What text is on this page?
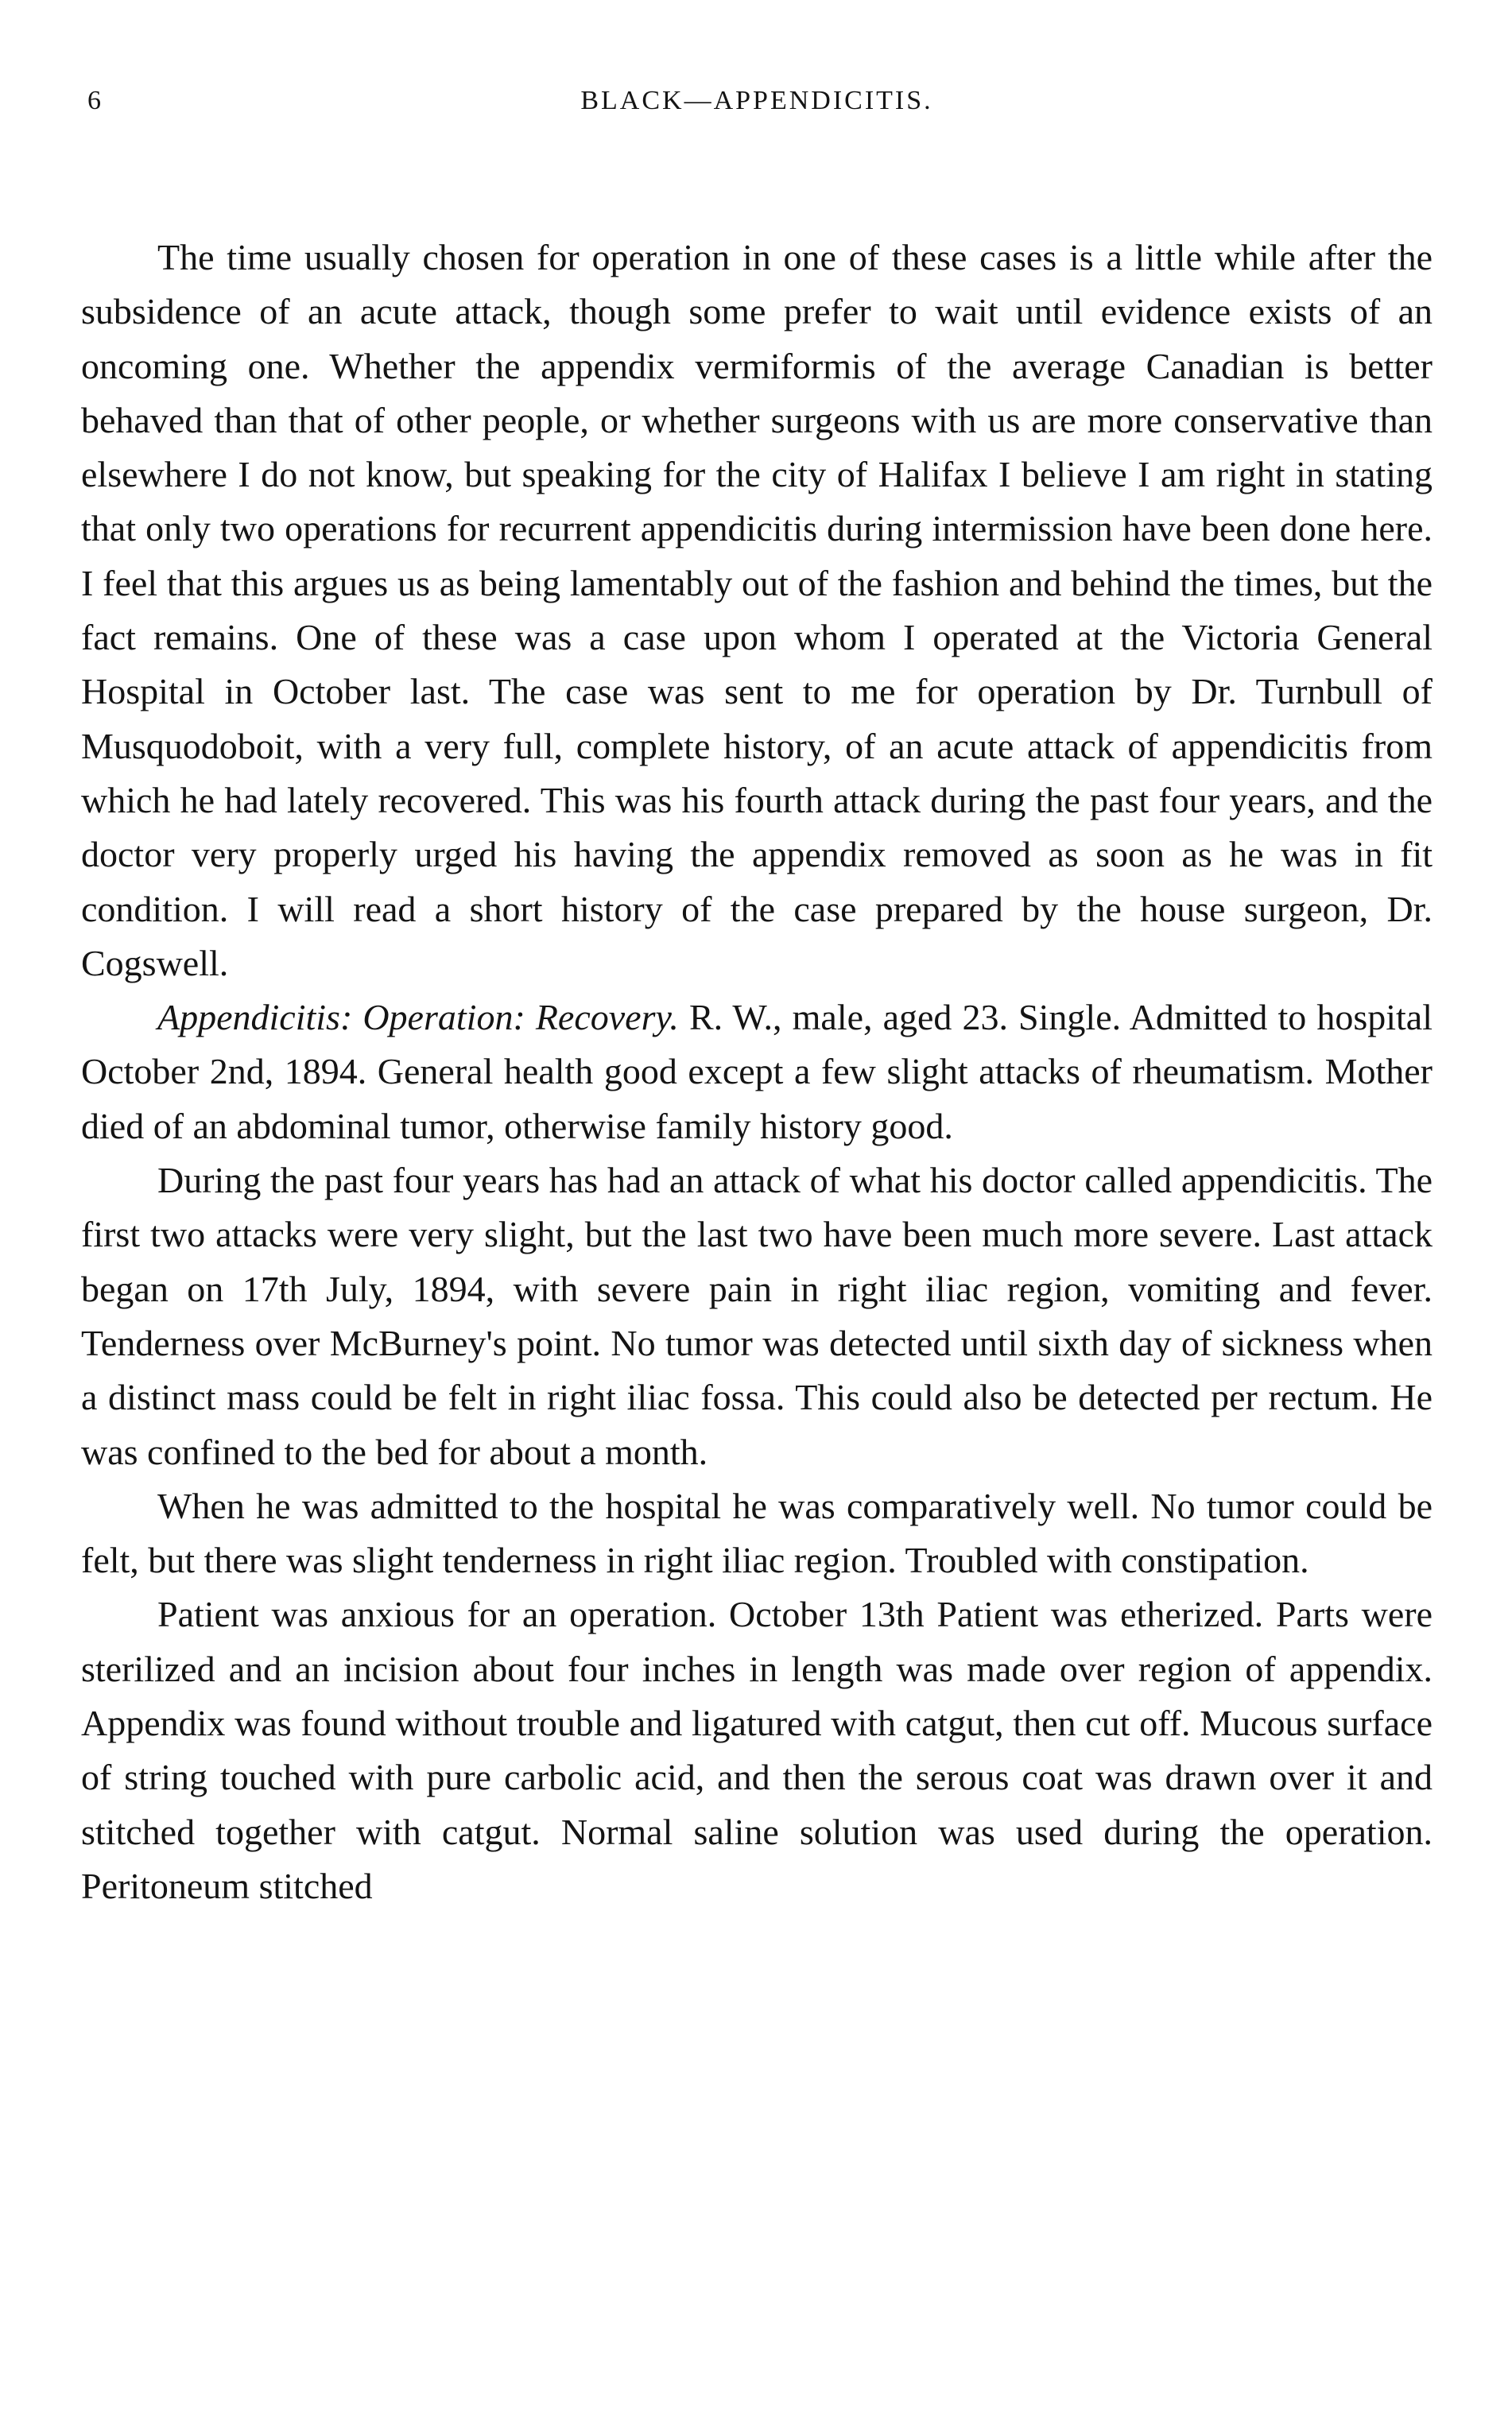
6	BLACK—APPENDICITIS.

The time usually chosen for operation in one of these cases is a little while after the subsidence of an acute attack, though some prefer to wait until evidence exists of an oncoming one. Whether the appendix vermiformis of the average Canadian is better behaved than that of other people, or whether surgeons with us are more conservative than elsewhere I do not know, but speaking for the city of Halifax I believe I am right in stating that only two operations for recurrent appendicitis during intermission have been done here. I feel that this argues us as being lamentably out of the fashion and behind the times, but the fact remains. One of these was a case upon whom I operated at the Victoria General Hospital in October last. The case was sent to me for operation by Dr. Turnbull of Musquodoboit, with a very full, complete history, of an acute attack of appendicitis from which he had lately recovered. This was his fourth attack during the past four years, and the doctor very properly urged his having the appendix removed as soon as he was in fit condition. I will read a short history of the case prepared by the house surgeon, Dr. Cogswell.

Appendicitis: Operation: Recovery. R. W., male, aged 23. Single. Admitted to hospital October 2nd, 1894. General health good except a few slight attacks of rheumatism. Mother died of an abdominal tumor, otherwise family history good.

During the past four years has had an attack of what his doctor called appendicitis. The first two attacks were very slight, but the last two have been much more severe. Last attack began on 17th July, 1894, with severe pain in right iliac region, vomiting and fever. Tenderness over McBurney's point. No tumor was detected until sixth day of sickness when a distinct mass could be felt in right iliac fossa. This could also be detected per rectum. He was confined to the bed for about a month.

When he was admitted to the hospital he was comparatively well. No tumor could be felt, but there was slight tenderness in right iliac region. Troubled with constipation.

Patient was anxious for an operation. October 13th Patient was etherized. Parts were sterilized and an incision about four inches in length was made over region of appendix. Appendix was found without trouble and ligatured with catgut, then cut off. Mucous surface of string touched with pure carbolic acid, and then the serous coat was drawn over it and stitched together with catgut. Normal saline solution was used during the operation. Peritoneum stitched
